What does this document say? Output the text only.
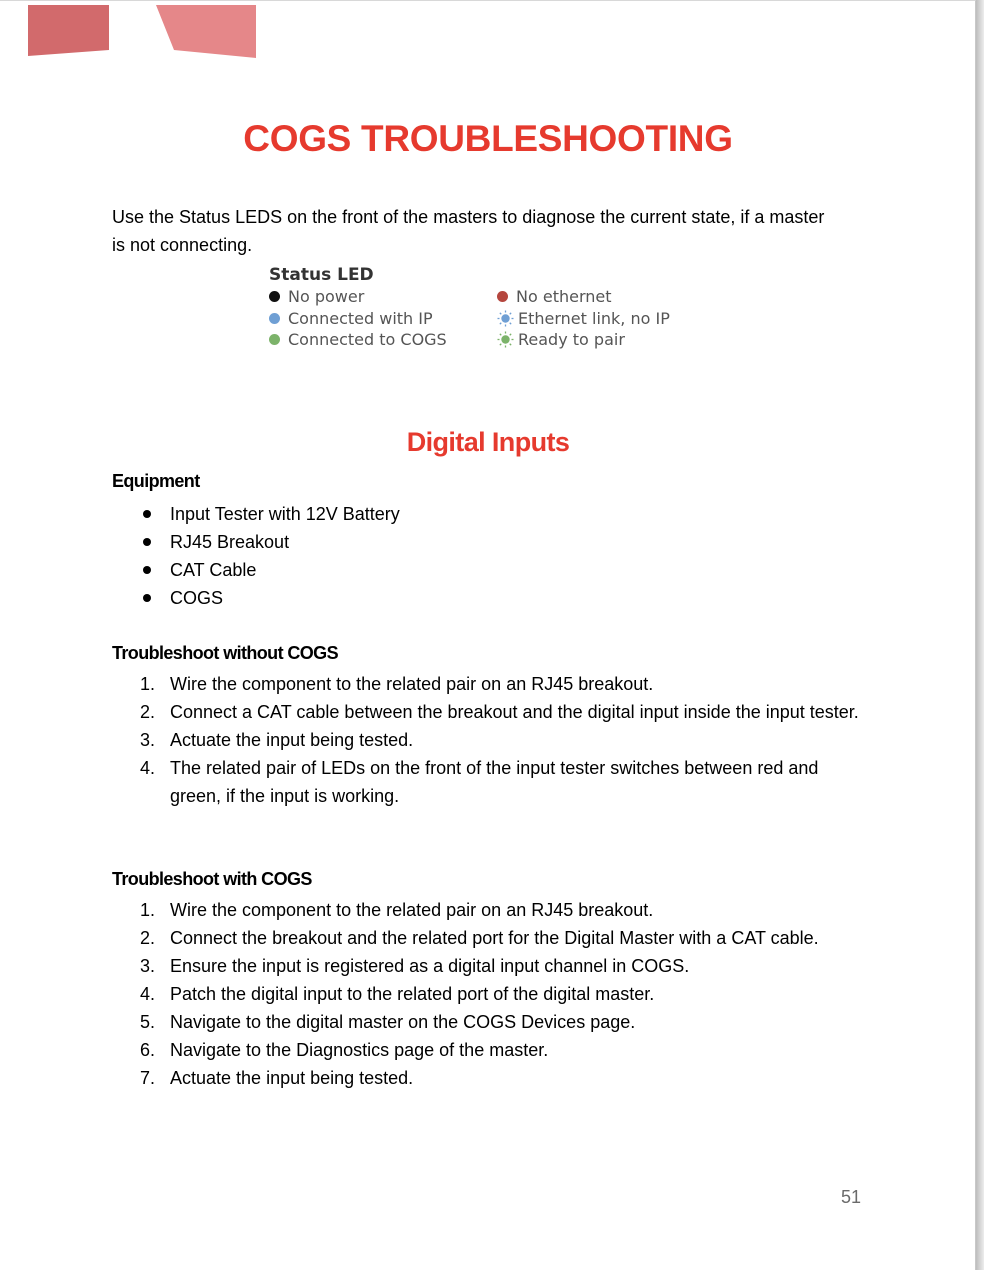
COGS TROUBLESHOOTING
Use the Status LEDS on the front of the masters to diagnose the current state, if a master is not connecting.
Status LED
No power	No ethernet
Connected with IP	Ethernet link, no IP
Connected to COGS	Ready to pair
Digital Inputs
Equipment
Input Tester with 12V Battery
RJ45 Breakout
CAT Cable
COGS
Troubleshoot without COGS
1. Wire the component to the related pair on an RJ45 breakout.
2. Connect a CAT cable between the breakout and the digital input inside the input tester.
3. Actuate the input being tested.
4. The related pair of LEDs on the front of the input tester switches between red and green, if the input is working.
Troubleshoot with COGS
1. Wire the component to the related pair on an RJ45 breakout.
2. Connect the breakout and the related port for the Digital Master with a CAT cable.
3. Ensure the input is registered as a digital input channel in COGS.
4. Patch the digital input to the related port of the digital master.
5. Navigate to the digital master on the COGS Devices page.
6. Navigate to the Diagnostics page of the master.
7. Actuate the input being tested.
51
